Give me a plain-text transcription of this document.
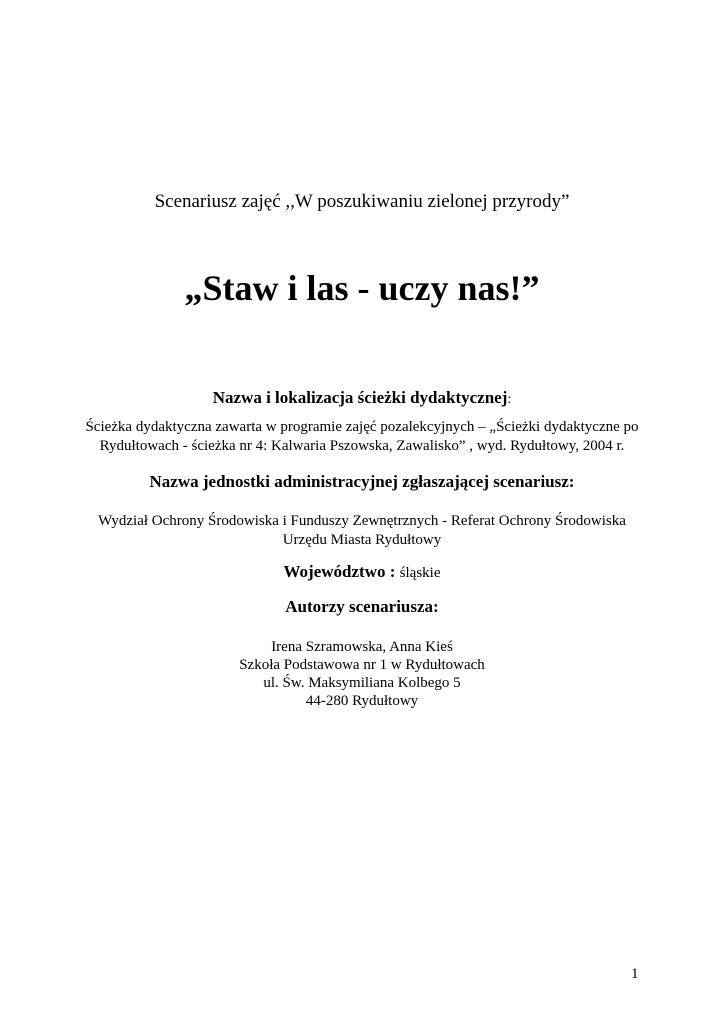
Scenariusz zajęć ,,W poszukiwaniu zielonej przyrody”
„Staw i las - uczy nas!”
Nazwa i lokalizacja ścieżki dydaktycznej:
Ścieżka dydaktyczna zawarta w programie zajęć pozalekcyjnych – „Ścieżki dydaktyczne po
Rydułtowach - ścieżka nr 4: Kalwaria Pszowska, Zawalisko” , wyd. Rydułtowy, 2004 r.
Nazwa jednostki administracyjnej zgłaszającej scenariusz:
Wydział Ochrony Środowiska i Funduszy Zewnętrznych - Referat Ochrony Środowiska
Urzędu Miasta Rydułtowy
Województwo : śląskie
Autorzy scenariusza:
Irena Szramowska, Anna Kieś
Szkoła Podstawowa nr 1 w Rydułtowach
ul. Św. Maksymiliana Kolbego 5
44-280 Rydułtowy
1
